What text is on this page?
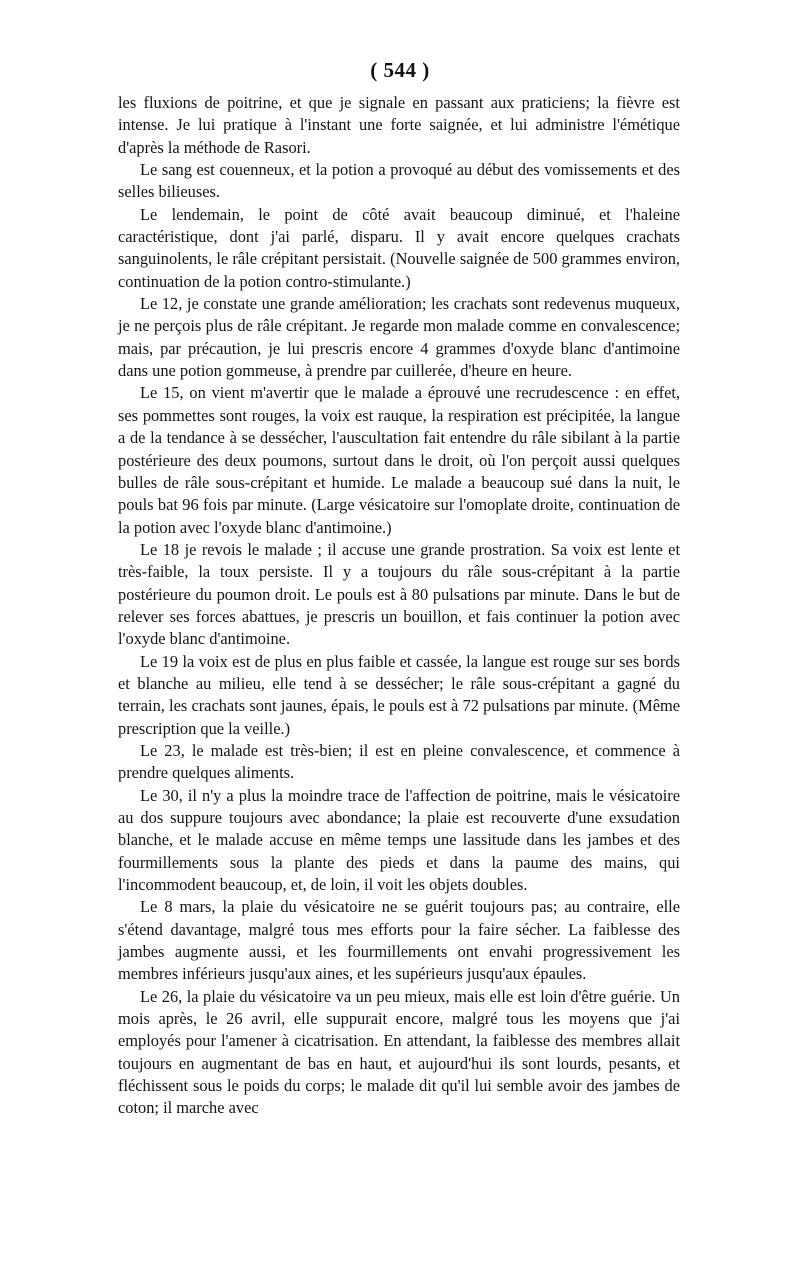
( 544 )

les fluxions de poitrine, et que je signale en passant aux praticiens; la fièvre est intense. Je lui pratique à l'instant une forte saignée, et lui administre l'émétique d'après la méthode de Rasori.

Le sang est couenneux, et la potion a provoqué au début des vomissements et des selles bilieuses.

Le lendemain, le point de côté avait beaucoup diminué, et l'haleine caractéristique, dont j'ai parlé, disparu. Il y avait encore quelques crachats sanguinolents, le râle crépitant persistait. (Nouvelle saignée de 500 grammes environ, continuation de la potion contro-stimulante.)

Le 12, je constate une grande amélioration; les crachats sont redevenus muqueux, je ne perçois plus de râle crépitant. Je regarde mon malade comme en convalescence; mais, par précaution, je lui prescris encore 4 grammes d'oxyde blanc d'antimoine dans une potion gommeuse, à prendre par cuillerée, d'heure en heure.

Le 15, on vient m'avertir que le malade a éprouvé une recrudescence : en effet, ses pommettes sont rouges, la voix est rauque, la respiration est précipitée, la langue a de la tendance à se dessécher, l'auscultation fait entendre du râle sibilant à la partie postérieure des deux poumons, surtout dans le droit, où l'on perçoit aussi quelques bulles de râle sous-crépitant et humide. Le malade a beaucoup sué dans la nuit, le pouls bat 96 fois par minute. (Large vésicatoire sur l'omoplate droite, continuation de la potion avec l'oxyde blanc d'antimoine.)

Le 18 je revois le malade ; il accuse une grande prostration. Sa voix est lente et très-faible, la toux persiste. Il y a toujours du râle sous-crépitant à la partie postérieure du poumon droit. Le pouls est à 80 pulsations par minute. Dans le but de relever ses forces abattues, je prescris un bouillon, et fais continuer la potion avec l'oxyde blanc d'antimoine.

Le 19 la voix est de plus en plus faible et cassée, la langue est rouge sur ses bords et blanche au milieu, elle tend à se dessécher; le râle sous-crépitant a gagné du terrain, les crachats sont jaunes, épais, le pouls est à 72 pulsations par minute. (Même prescription que la veille.)

Le 23, le malade est très-bien; il est en pleine convalescence, et commence à prendre quelques aliments.

Le 30, il n'y a plus la moindre trace de l'affection de poitrine, mais le vésicatoire au dos suppure toujours avec abondance; la plaie est recouverte d'une exsudation blanche, et le malade accuse en même temps une lassitude dans les jambes et des fourmillements sous la plante des pieds et dans la paume des mains, qui l'incommodent beaucoup, et, de loin, il voit les objets doubles.

Le 8 mars, la plaie du vésicatoire ne se guérit toujours pas; au contraire, elle s'étend davantage, malgré tous mes efforts pour la faire sécher. La faiblesse des jambes augmente aussi, et les fourmillements ont envahi progressivement les membres inférieurs jusqu'aux aines, et les supérieurs jusqu'aux épaules.

Le 26, la plaie du vésicatoire va un peu mieux, mais elle est loin d'être guérie. Un mois après, le 26 avril, elle suppurait encore, malgré tous les moyens que j'ai employés pour l'amener à cicatrisation. En attendant, la faiblesse des membres allait toujours en augmentant de bas en haut, et aujourd'hui ils sont lourds, pesants, et fléchissent sous le poids du corps; le malade dit qu'il lui semble avoir des jambes de coton; il marche avec
